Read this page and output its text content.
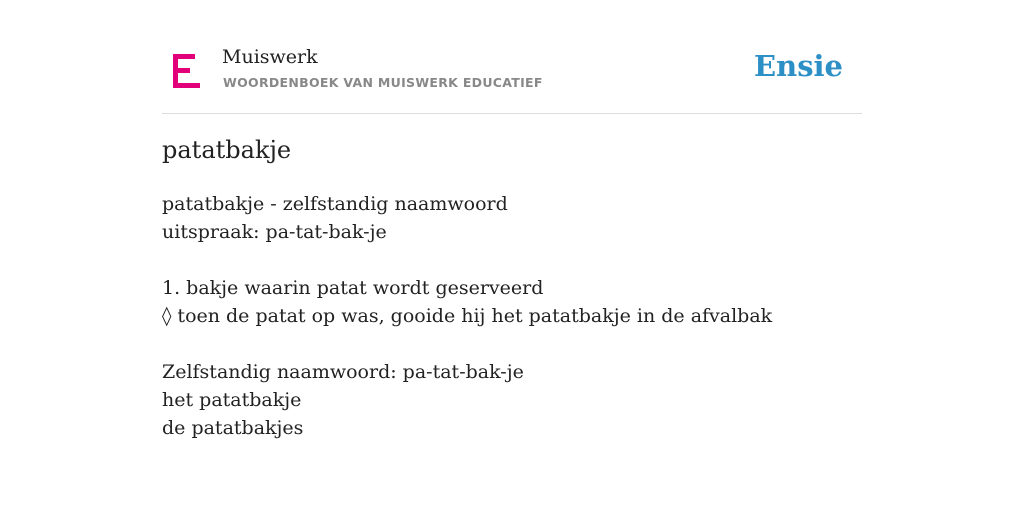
Muiswerk
WOORDENBOEK VAN MUISWERK EDUCATIEF	Ensie
patatbakje
patatbakje - zelfstandig naamwoord
uitspraak: pa-tat-bak-je
1. bakje waarin patat wordt geserveerd
◊ toen de patat op was, gooide hij het patatbakje in de afvalbak
Zelfstandig naamwoord: pa-tat-bak-je
het patatbakje
de patatbakjes
